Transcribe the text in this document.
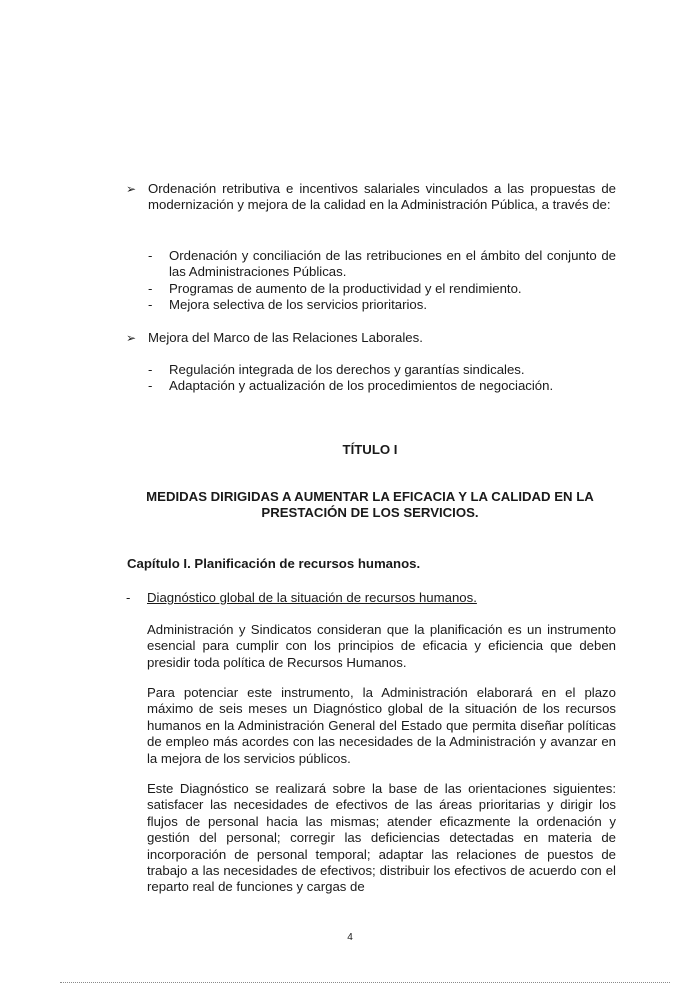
➢ Ordenación retributiva e incentivos salariales vinculados a las propuestas de modernización y mejora de la calidad en la Administración Pública, a través de:
- Ordenación y conciliación de las retribuciones en el ámbito del conjunto de las Administraciones Públicas.
- Programas de aumento de la productividad y el rendimiento.
- Mejora selectiva de los servicios prioritarios.
➢ Mejora del Marco de las Relaciones Laborales.
- Regulación integrada de los derechos y garantías sindicales.
- Adaptación y actualización de los procedimientos de negociación.
TÍTULO I
MEDIDAS DIRIGIDAS A AUMENTAR LA EFICACIA Y LA CALIDAD EN LA PRESTACIÓN DE LOS SERVICIOS.
Capítulo I. Planificación de recursos humanos.
- Diagnóstico global de la situación de recursos humanos.
Administración y Sindicatos consideran que la planificación es un instrumento esencial para cumplir con los principios de eficacia y eficiencia que deben presidir toda política de Recursos Humanos.
Para potenciar este instrumento, la Administración elaborará en el plazo máximo de seis meses un Diagnóstico global de la situación de los recursos humanos en la Administración General del Estado que permita diseñar políticas de empleo más acordes con las necesidades de la Administración y avanzar en la mejora de los servicios públicos.
Este Diagnóstico se realizará sobre la base de las orientaciones siguientes: satisfacer las necesidades de efectivos de las áreas prioritarias y dirigir los flujos de personal hacia las mismas; atender eficazmente la ordenación y gestión del personal; corregir las deficiencias detectadas en materia de incorporación de personal temporal; adaptar las relaciones de puestos de trabajo a las necesidades de efectivos; distribuir los efectivos de acuerdo con el reparto real de funciones y cargas de
4
